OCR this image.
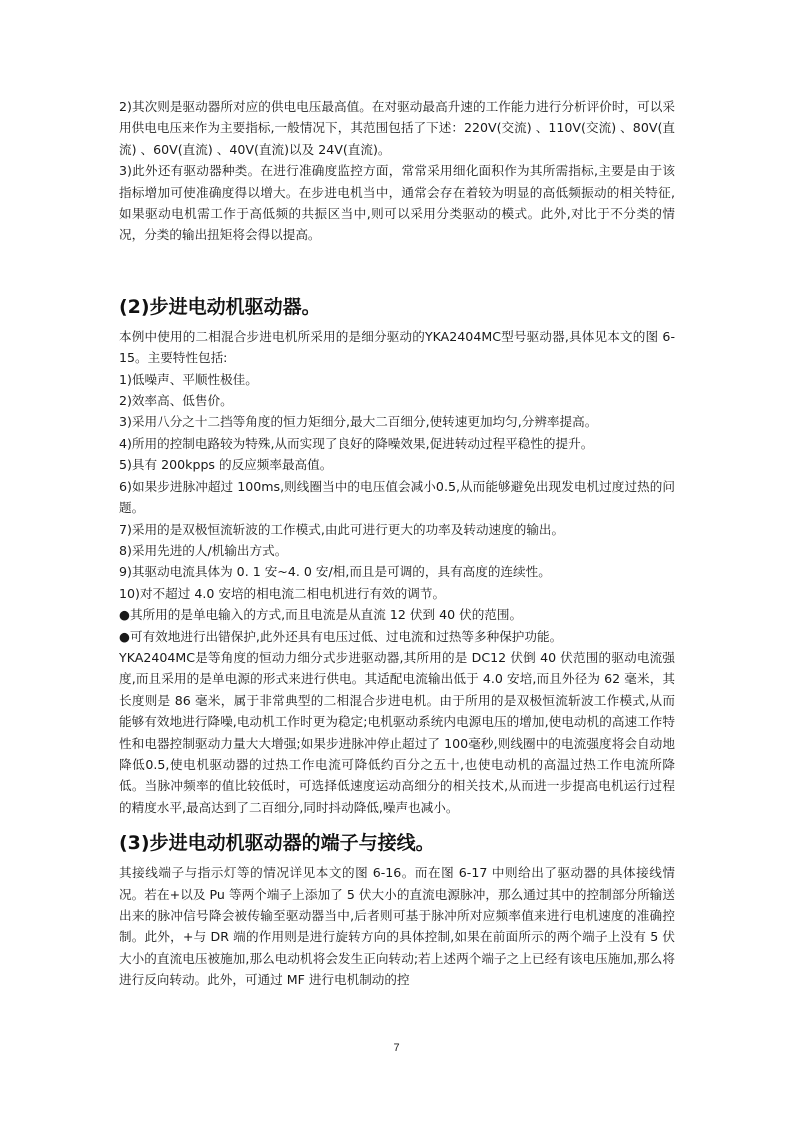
2)其次则是驱动器所对应的供电电压最高值。在对驱动最高升速的工作能力进行分析评价时，可以采用供电电压来作为主要指标,一般情况下，其范围包括了下述：220V(交流) 、110V(交流) 、80V(直流) 、60V(直流) 、40V(直流)以及 24V(直流)。

3)此外还有驱动器种类。在进行准确度监控方面，常常采用细化面积作为其所需指标,主要是由于该指标增加可使准确度得以增大。在步进电机当中，通常会存在着较为明显的高低频振动的相关特征,如果驱动电机需工作于高低频的共振区当中,则可以采用分类驱动的模式。此外,对比于不分类的情况，分类的输出扭矩将会得以提高。

(2)步进电动机驱动器。

本例中使用的二相混合步进电机所采用的是细分驱动的YKA2404MC型号驱动器,具体见本文的图 6-15。主要特性包括:

1)低噪声、平顺性极佳。

2)效率高、低售价。

3)采用八分之十二挡等角度的恒力矩细分,最大二百细分,使转速更加均匀,分辨率提高。

4)所用的控制电路较为特殊,从而实现了良好的降噪效果,促进转动过程平稳性的提升。

5)具有 200kpps 的反应频率最高值。

6)如果步进脉冲超过 100ms,则线圈当中的电压值会减小0.5,从而能够避免出现发电机过度过热的问题。

7)采用的是双极恒流斩波的工作模式,由此可进行更大的功率及转动速度的输出。

8)采用先进的人/机输出方式。

9)其驱动电流具体为 0. 1 安~4. 0 安/相,而且是可调的，具有高度的连续性。

10)对不超过 4.0 安培的相电流二相电机进行有效的调节。

●其所用的是单电输入的方式,而且电流是从直流 12 伏到 40 伏的范围。

●可有效地进行出错保护,此外还具有电压过低、过电流和过热等多种保护功能。

YKA2404MC是等角度的恒动力细分式步进驱动器,其所用的是 DC12 伏倒 40 伏范围的驱动电流强度,而且采用的是单电源的形式来进行供电。其适配电流输出低于 4.0 安培,而且外径为 62 毫米，其长度则是 86 毫米，属于非常典型的二相混合步进电机。由于所用的是双极恒流斩波工作模式,从而能够有效地进行降噪,电动机工作时更为稳定;电机驱动系统内电源电压的增加,使电动机的高速工作特性和电器控制驱动力量大大增强;如果步进脉冲停止超过了 100毫秒,则线圈中的电流强度将会自动地降低0.5,使电机驱动器的过热工作电流可降低约百分之五十,也使电动机的高温过热工作电流所降低。当脉冲频率的值比较低时，可选择低速度运动高细分的相关技术,从而进一步提高电机运行过程的精度水平,最高达到了二百细分,同时抖动降低,噪声也减小。

(3)步进电动机驱动器的端子与接线。

其接线端子与指示灯等的情况详见本文的图 6-16。而在图 6-17 中则给出了驱动器的具体接线情况。若在+以及 Pu 等两个端子上添加了 5 伏大小的直流电源脉冲，那么通过其中的控制部分所输送出来的脉冲信号降会被传输至驱动器当中,后者则可基于脉冲所对应频率值来进行电机速度的准确控制。此外，+与 DR 端的作用则是进行旋转方向的具体控制,如果在前面所示的两个端子上没有 5 伏大小的直流电压被施加,那么电动机将会发生正向转动;若上述两个端子之上已经有该电压施加,那么将进行反向转动。此外，可通过 MF 进行电机制动的控

7
